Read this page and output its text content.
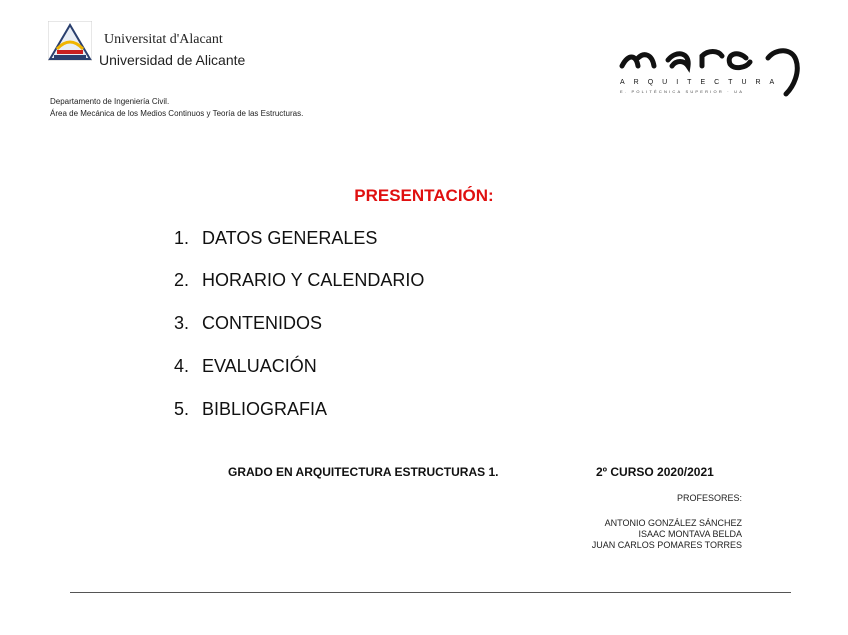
Universitat d'Alacant
Universidad de Alicante
Departamento de Ingeniería Civil.
Área de Mecánica de los Medios Continuos y Teoría de las Estructuras.
ARQUITECTURA
E. POLITÉCNICA SUPERIOR · UA
PRESENTACIÓN:
1. DATOS GENERALES
2. HORARIO Y CALENDARIO
3. CONTENIDOS
4. EVALUACIÓN
5. BIBLIOGRAFIA
GRADO EN ARQUITECTURA ESTRUCTURAS 1.	2º CURSO 2020/2021
PROFESORES:
ANTONIO GONZÁLEZ SÁNCHEZ
ISAAC MONTAVA BELDA
JUAN CARLOS POMARES TORRES
